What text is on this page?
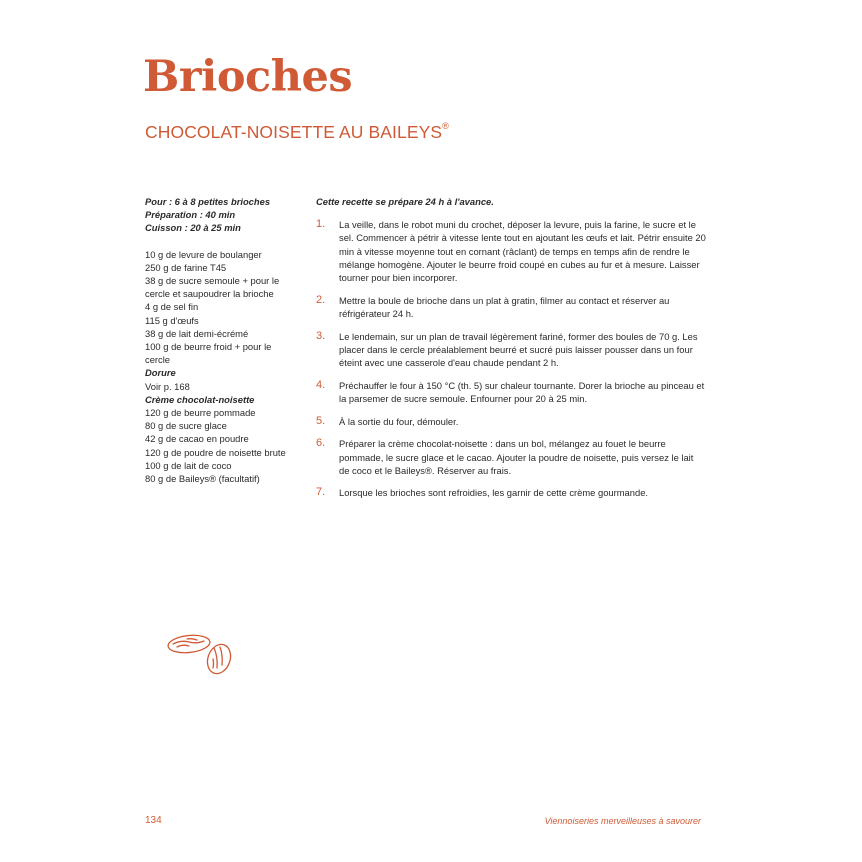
Brioches
CHOCOLAT-NOISETTE AU BAILEYS®

Pour : 6 à 8 petites brioches

Préparation : 40 min

Cuisson : 20 à 25 min

10 g de levure de boulanger

250 g de farine T45

38 g de sucre semoule + pour le cercle et saupoudrer la brioche

4 g de sel fin

115 g d'œufs

38 g de lait demi-écrémé

100 g de beurre froid + pour le cercle

Dorure

Voir p. 168

Crème chocolat-noisette

120 g de beurre pommade

80 g de sucre glace

42 g de cacao en poudre

120 g de poudre de noisette brute

100 g de lait de coco

80 g de Baileys® (facultatif)

Cette recette se prépare 24 h à l'avance.

1. La veille, dans le robot muni du crochet, déposer la levure, puis la farine, le sucre et le sel. Commencer à pétrir à vitesse lente tout en ajoutant les œufs et lait. Pétrir ensuite 20 min à vitesse moyenne tout en cornant (râclant) de temps en temps afin de rendre le mélange homogène. Ajouter le beurre froid coupé en cubes au fur et à mesure. Laisser tourner pour bien incorporer.
2. Mettre la boule de brioche dans un plat à gratin, filmer au contact et réserver au réfrigérateur 24 h.
3. Le lendemain, sur un plan de travail légèrement fariné, former des boules de 70 g. Les placer dans le cercle préalablement beurré et sucré puis laisser pousser dans un four éteint avec une casserole d'eau chaude pendant 2 h.
4. Préchauffer le four à 150 °C (th. 5) sur chaleur tournante. Dorer la brioche au pinceau et la parsemer de sucre semoule. Enfourner pour 20 à 25 min.
5. À la sortie du four, démouler.
6. Préparer la crème chocolat-noisette : dans un bol, mélangez au fouet le beurre pommade, le sucre glace et le cacao. Ajouter la poudre de noisette, puis versez le lait de coco et le Baileys®. Réserver au frais.
7. Lorsque les brioches sont refroidies, les garnir de cette crème gourmande.
134	Viennoiseries merveilleuses à savourer
